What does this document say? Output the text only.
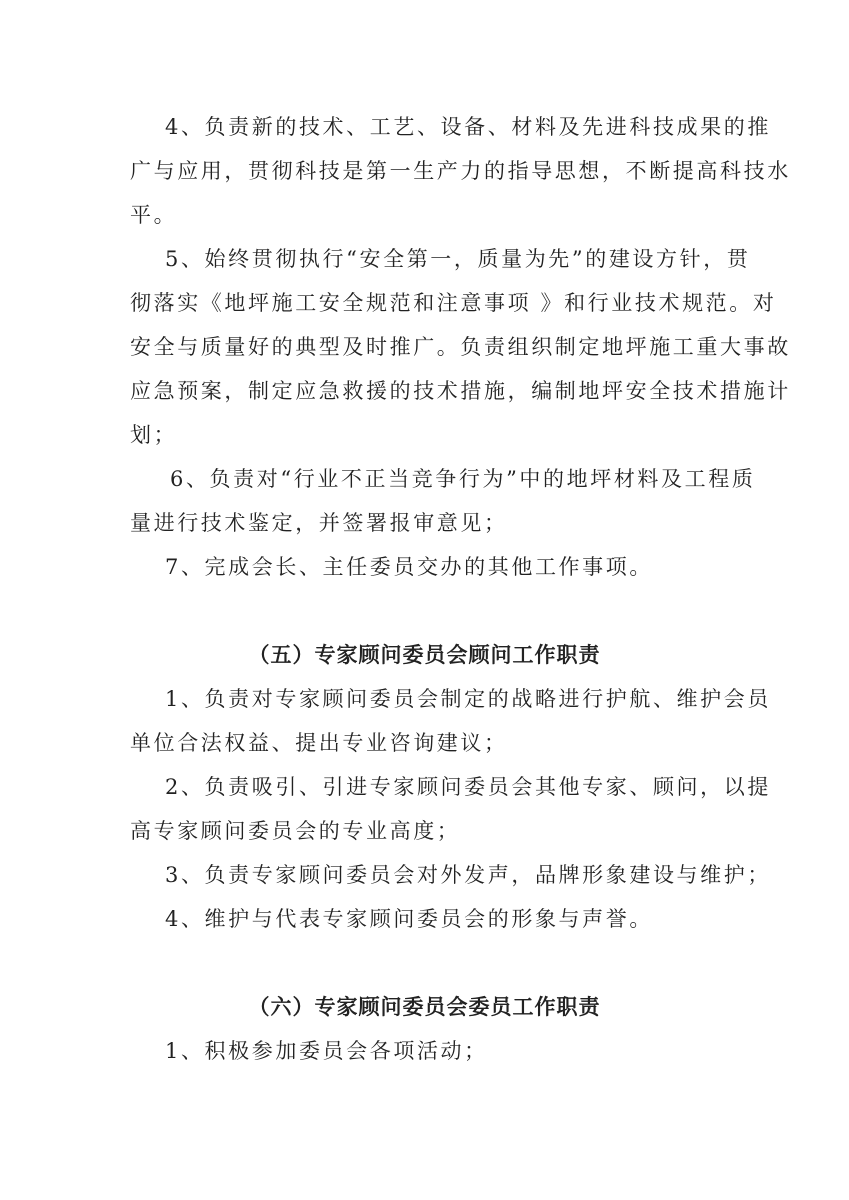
4、负责新的技术、工艺、设备、材料及先进科技成果的推
广与应用，贯彻科技是第一生产力的指导思想，不断提高科技水
平。
5、始终贯彻执行“安全第一，质量为先”的建设方针，贯
彻落实《地坪施工安全规范和注意事项 》和行业技术规范。对
安全与质量好的典型及时推广。负责组织制定地坪施工重大事故
应急预案，制定应急救援的技术措施，编制地坪安全技术措施计
划；
6、负责对“行业不正当竞争行为”中的地坪材料及工程质
量进行技术鉴定，并签署报审意见；
7、完成会长、主任委员交办的其他工作事项。
（五）专家顾问委员会顾问工作职责
1、负责对专家顾问委员会制定的战略进行护航、维护会员
单位合法权益、提出专业咨询建议；
2、负责吸引、引进专家顾问委员会其他专家、顾问，以提
高专家顾问委员会的专业高度；
3、负责专家顾问委员会对外发声，品牌形象建设与维护；
4、维护与代表专家顾问委员会的形象与声誉。
（六）专家顾问委员会委员工作职责
1、积极参加委员会各项活动；
